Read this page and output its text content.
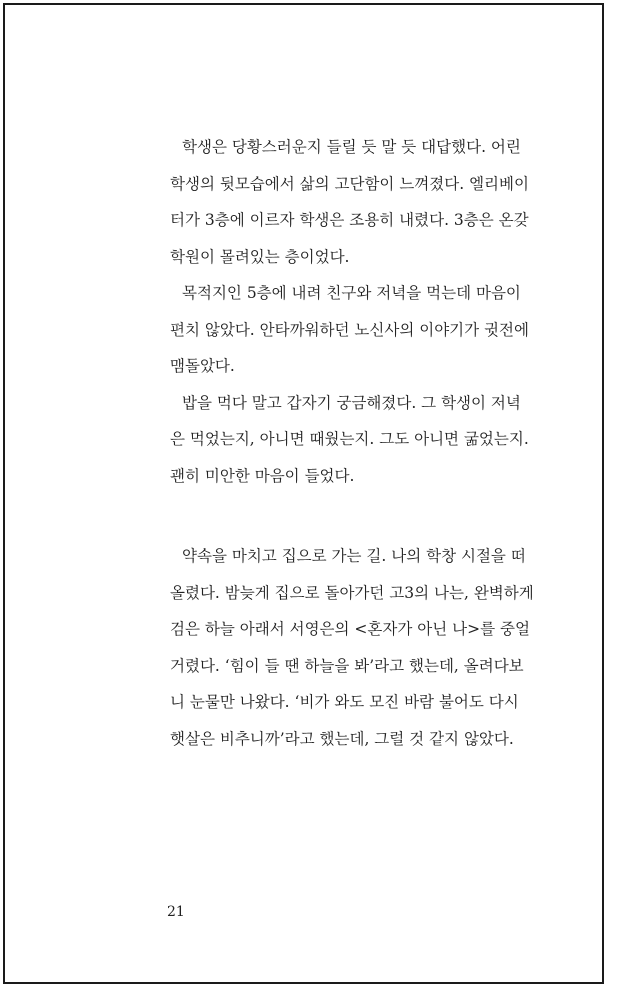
학생은 당황스러운지 들릴 듯 말 듯 대답했다. 어린
학생의 뒷모습에서 삶의 고단함이 느껴졌다. 엘리베이
터가 3층에 이르자 학생은 조용히 내렸다. 3층은 온갖
학원이 몰려있는 층이었다.

목적지인 5층에 내려 친구와 저녁을 먹는데 마음이
편치 않았다. 안타까워하던 노신사의 이야기가 귓전에
맴돌았다.

밥을 먹다 말고 갑자기 궁금해졌다. 그 학생이 저녁
은 먹었는지, 아니면 때웠는지. 그도 아니면 굶었는지.
괜히 미안한 마음이 들었다.

약속을 마치고 집으로 가는 길. 나의 학창 시절을 떠
올렸다. 밤늦게 집으로 돌아가던 고3의 나는, 완벽하게
검은 하늘 아래서 서영은의 <혼자가 아닌 나>를 중얼
거렸다. ‘힘이 들 땐 하늘을 봐’라고 했는데, 올려다보
니 눈물만 나왔다. ‘비가 와도 모진 바람 불어도 다시
햇살은 비추니까’라고 했는데, 그럴 것 같지 않았다.

21
